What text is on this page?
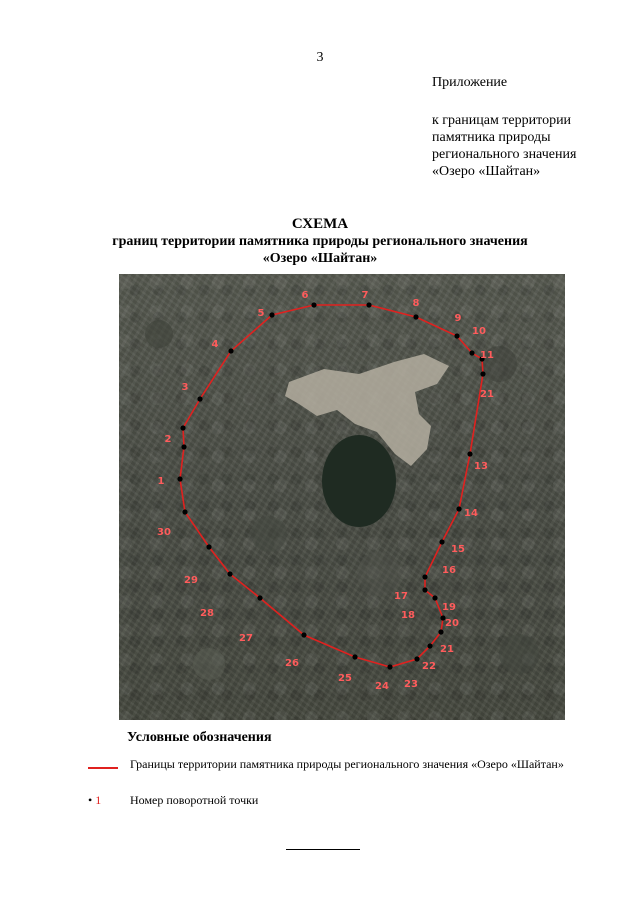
3
Приложение
к границам территории
памятника природы
регионального значения
«Озеро «Шайтан»
СХЕМА
границ территории памятника природы регионального значения
«Озеро «Шайтан»
2
3
4
5
6	7
8
9
10
11
21
13
14
15
16
17
18
19
20
21
22
23
24
25
26
27
28
29
30
1
Условные обозначения
Границы территории памятника природы регионального значения «Озеро «Шайтан»
• 1 Номер поворотной точки
